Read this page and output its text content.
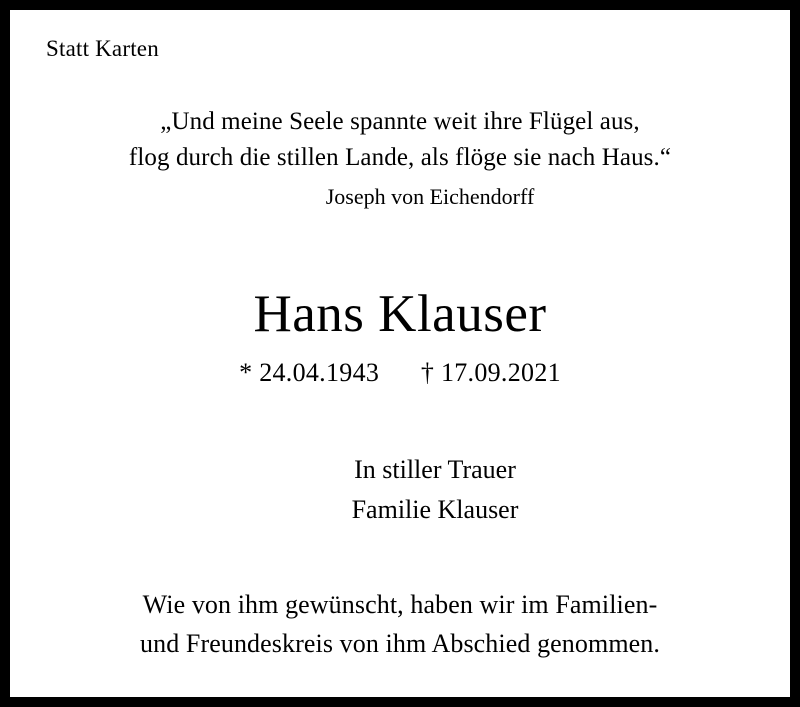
Statt Karten
„Und meine Seele spannte weit ihre Flügel aus,
flog durch die stillen Lande, als flöge sie nach Haus.“
Joseph von Eichendorff
Hans Klauser
* 24.04.1943 † 17.09.2021
In stiller Trauer
Familie Klauser
Wie von ihm gewünscht, haben wir im Familien-
und Freundeskreis von ihm Abschied genommen.
